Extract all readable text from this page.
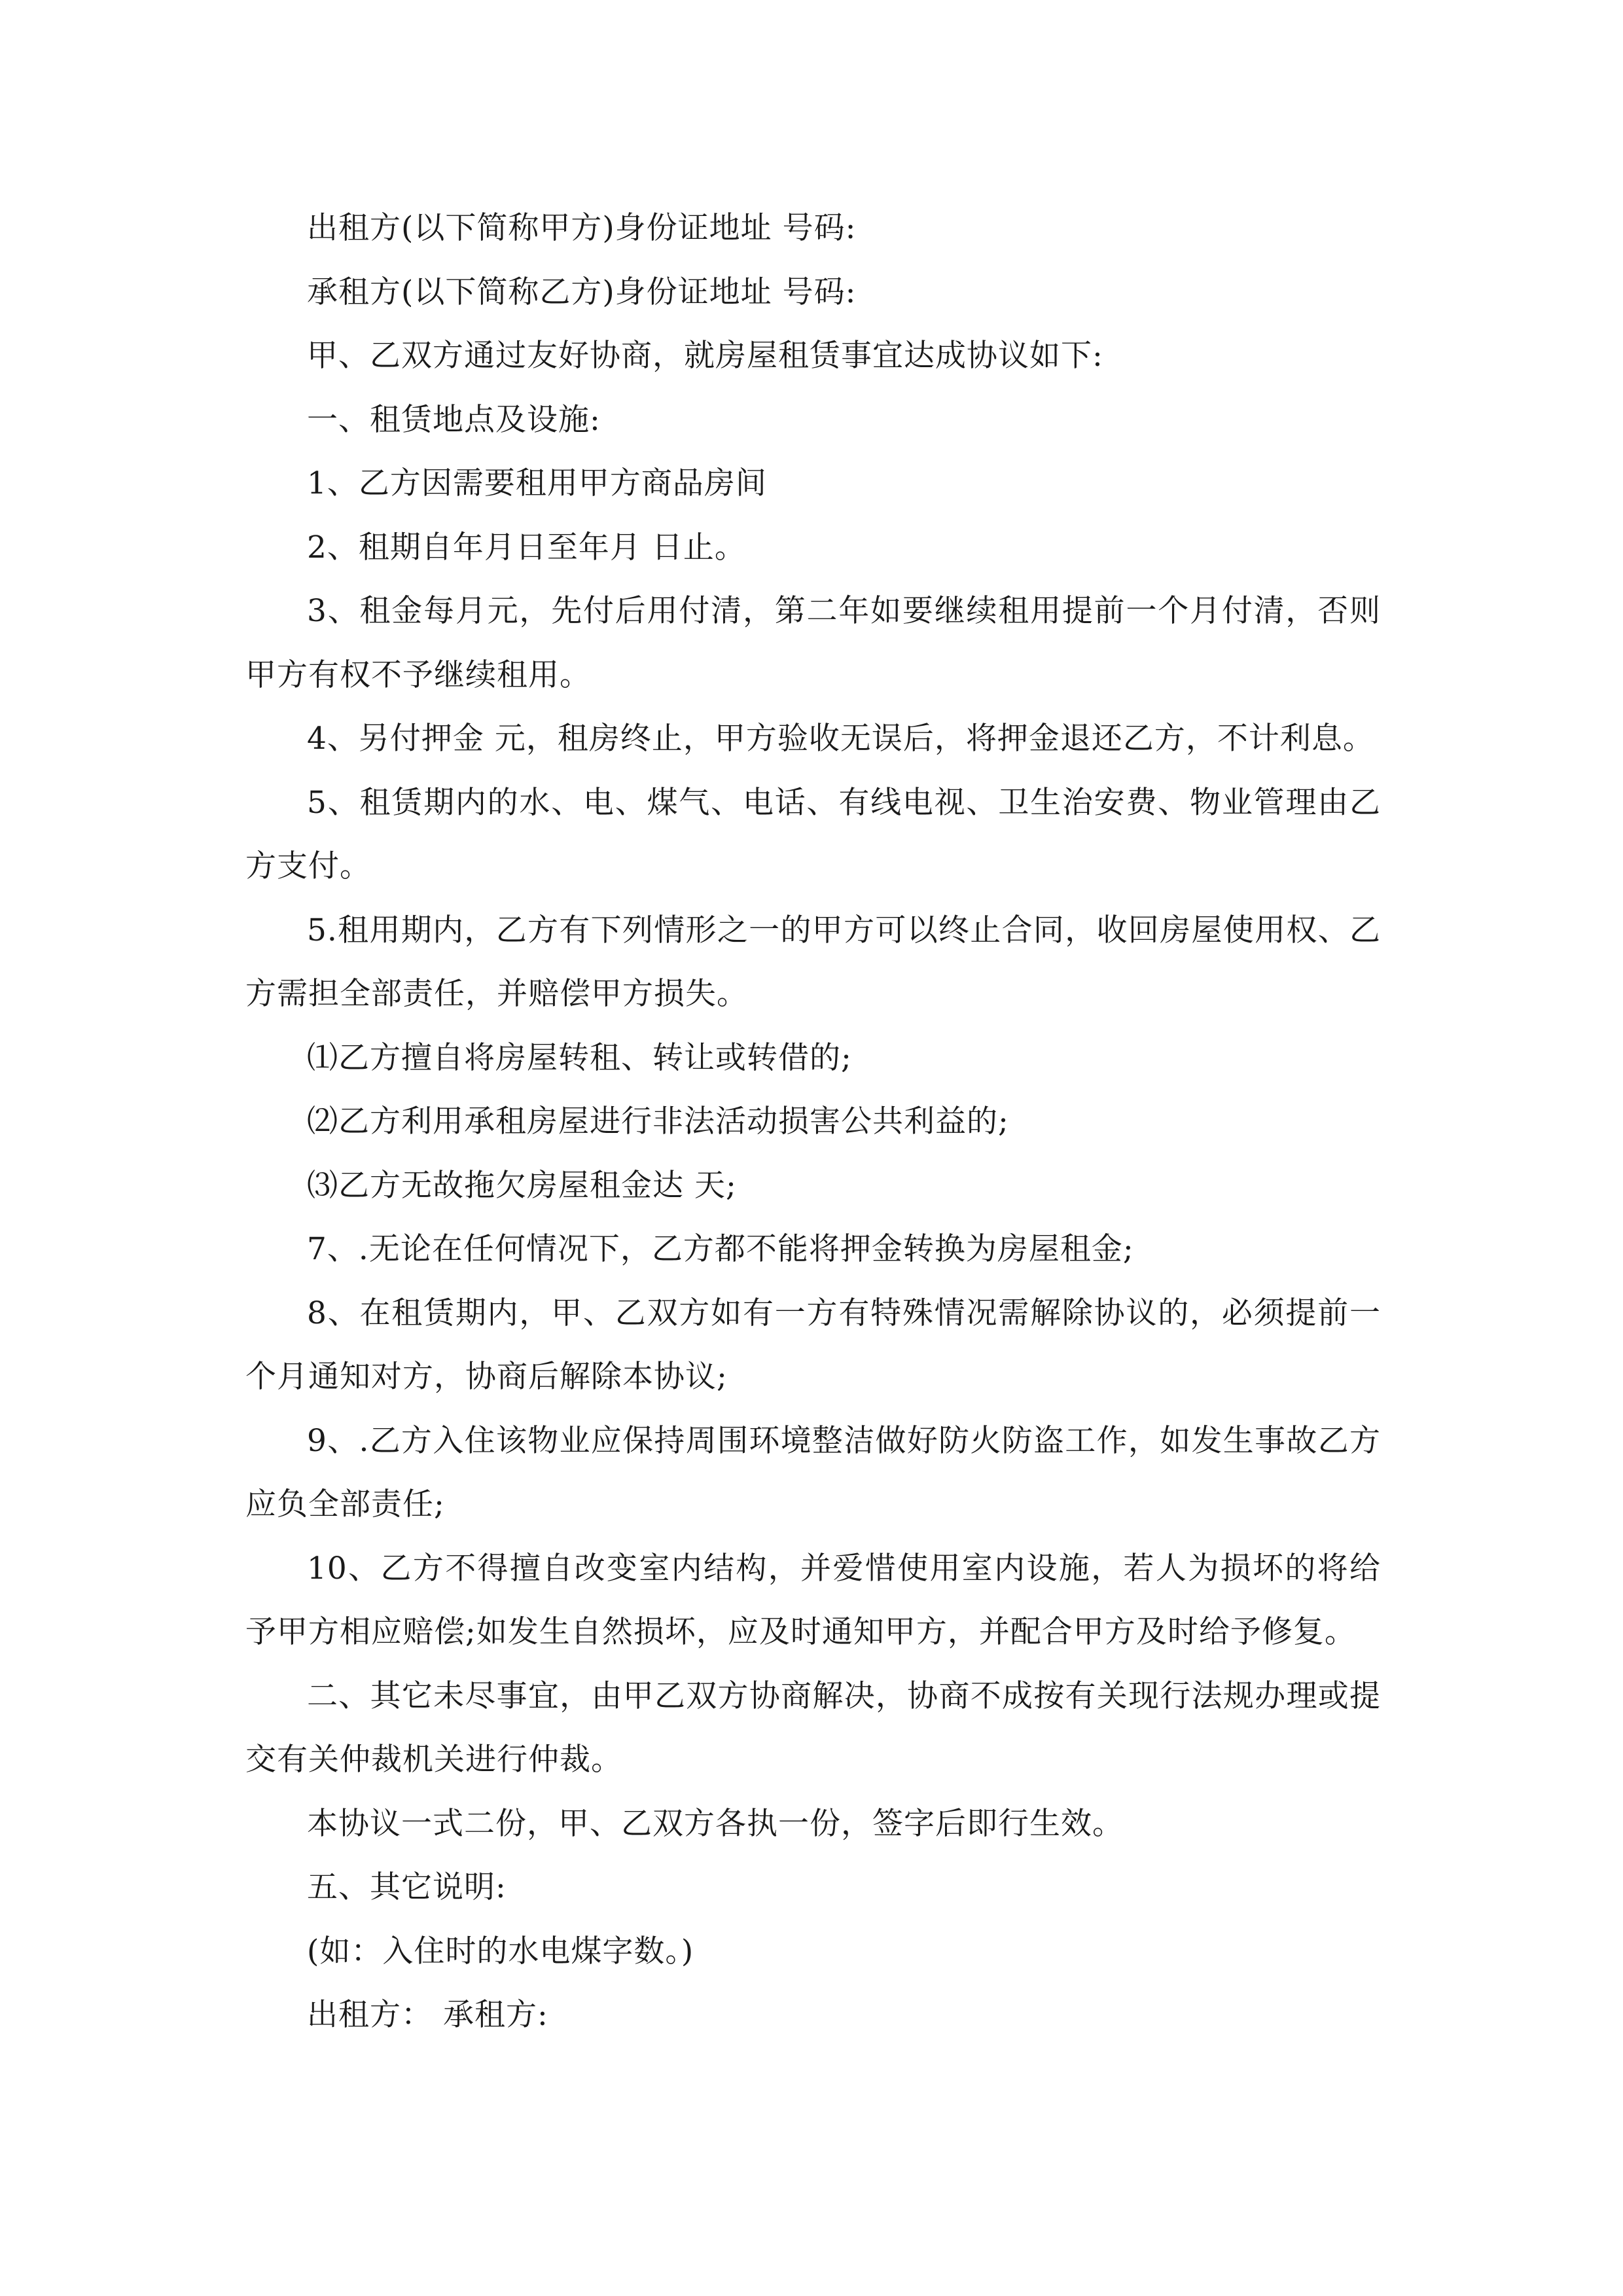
出租方(以下简称甲方)身份证地址 号码:

承租方(以下简称乙方)身份证地址 号码:

甲、乙双方通过友好协商，就房屋租赁事宜达成协议如下:

一、租赁地点及设施:

1、乙方因需要租用甲方商品房间

2、租期自年月日至年月 日止。

3、租金每月元，先付后用付清，第二年如要继续租用提前一个月付清，否则甲方有权不予继续租用。

4、另付押金 元，租房终止，甲方验收无误后，将押金退还乙方，不计利息。

5、租赁期内的水、电、煤气、电话、有线电视、卫生治安费、物业管理由乙方支付。

5.租用期内，乙方有下列情形之一的甲方可以终止合同，收回房屋使用权、乙方需担全部责任，并赔偿甲方损失。

⑴乙方擅自将房屋转租、转让或转借的;

⑵乙方利用承租房屋进行非法活动损害公共利益的;

⑶乙方无故拖欠房屋租金达 天;

7、.无论在任何情况下，乙方都不能将押金转换为房屋租金;

8、在租赁期内，甲、乙双方如有一方有特殊情况需解除协议的，必须提前一个月通知对方，协商后解除本协议;

9、.乙方入住该物业应保持周围环境整洁做好防火防盗工作，如发生事故乙方应负全部责任;

10、乙方不得擅自改变室内结构，并爱惜使用室内设施，若人为损坏的将给予甲方相应赔偿;如发生自然损坏，应及时通知甲方，并配合甲方及时给予修复。

二、其它未尽事宜，由甲乙双方协商解决，协商不成按有关现行法规办理或提交有关仲裁机关进行仲裁。

本协议一式二份，甲、乙双方各执一份，签字后即行生效。

五、其它说明:

(如：入住时的水电煤字数。)

出租方： 承租方:
